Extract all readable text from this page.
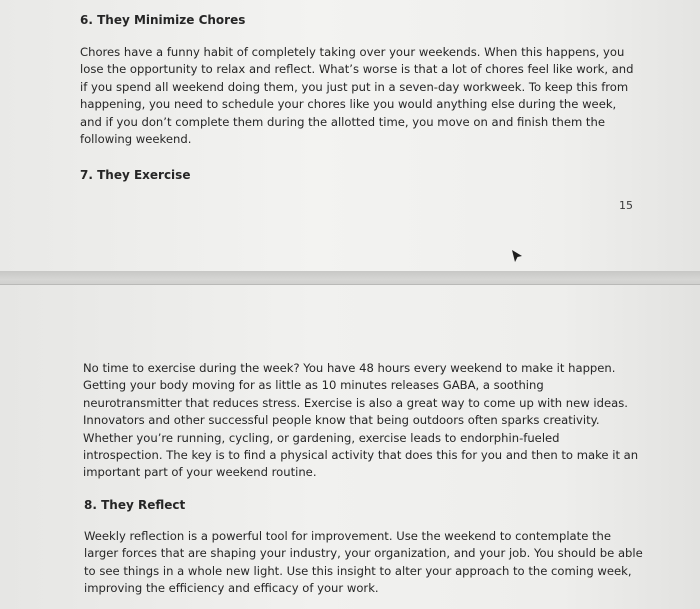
6. They Minimize Chores
Chores have a funny habit of completely taking over your weekends. When this happens, you
lose the opportunity to relax and reflect. What’s worse is that a lot of chores feel like work, and
if you spend all weekend doing them, you just put in a seven-day workweek. To keep this from
happening, you need to schedule your chores like you would anything else during the week,
and if you don’t complete them during the allotted time, you move on and finish them the
following weekend.
7. They Exercise
15
No time to exercise during the week? You have 48 hours every weekend to make it happen.
Getting your body moving for as little as 10 minutes releases GABA, a soothing
neurotransmitter that reduces stress. Exercise is also a great way to come up with new ideas.
Innovators and other successful people know that being outdoors often sparks creativity.
Whether you’re running, cycling, or gardening, exercise leads to endorphin-fueled
introspection. The key is to find a physical activity that does this for you and then to make it an
important part of your weekend routine.
8. They Reflect
Weekly reflection is a powerful tool for improvement. Use the weekend to contemplate the
larger forces that are shaping your industry, your organization, and your job. You should be able
to see things in a whole new light. Use this insight to alter your approach to the coming week,
improving the efficiency and efficacy of your work.
